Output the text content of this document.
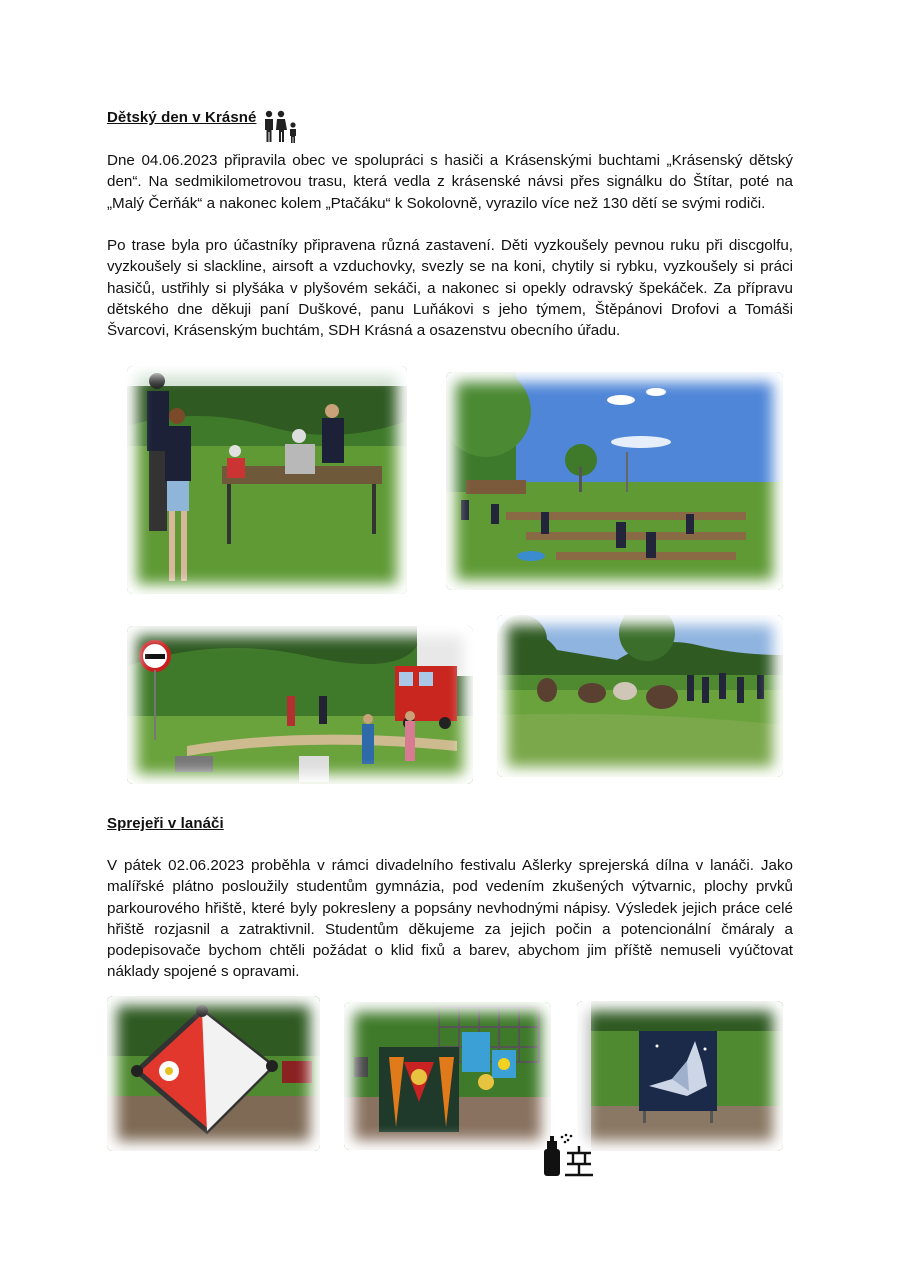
Dětský den v Krásné

Dne 04.06.2023 připravila obec ve spolupráci s hasiči a Krásenskými buchtami „Krásenský dětský den“. Na sedmikilometrovou trasu, která vedla z krásenské návsi přes signálku do Štítar, poté na „Malý Čerňák“ a nakonec kolem „Ptačáku“ k Sokolovně, vyrazilo více než 130 dětí se svými rodiči.

Po trase byla pro účastníky připravena různá zastavení. Děti vyzkoušely pevnou ruku při discgolfu, vyzkoušely si slackline, airsoft a vzduchovky, svezly se na koni, chytily si rybku, vyzkoušely si práci hasičů, ustřihly si plyšáka v plyšovém sekáči, a nakonec si opekly odravský špekáček. Za přípravu dětského dne děkuji paní Duškové, panu Luňákovi s jeho týmem, Štěpánovi Drofovi a Tomáši Švarcovi, Krásenským buchtám, SDH Krásná a osazenstvu obecního úřadu.

Sprejeři v lanáči

V pátek 02.06.2023 proběhla v rámci divadelního festivalu Ašlerky sprejerská dílna v lanáči. Jako malířské plátno posloužily studentům gymnázia, pod vedením zkušených výtvarnic, plochy prvků parkourového hřiště, které byly pokresleny a popsány nevhodnými nápisy. Výsledek jejich práce celé hřiště rozjasnil a zatraktivnil. Studentům děkujeme za jejich počin a potencionální čmáraly a podepisovače bychom chtěli požádat o klid fixů a barev, abychom jim příště nemuseli vyúčtovat náklady spojené s opravami.
